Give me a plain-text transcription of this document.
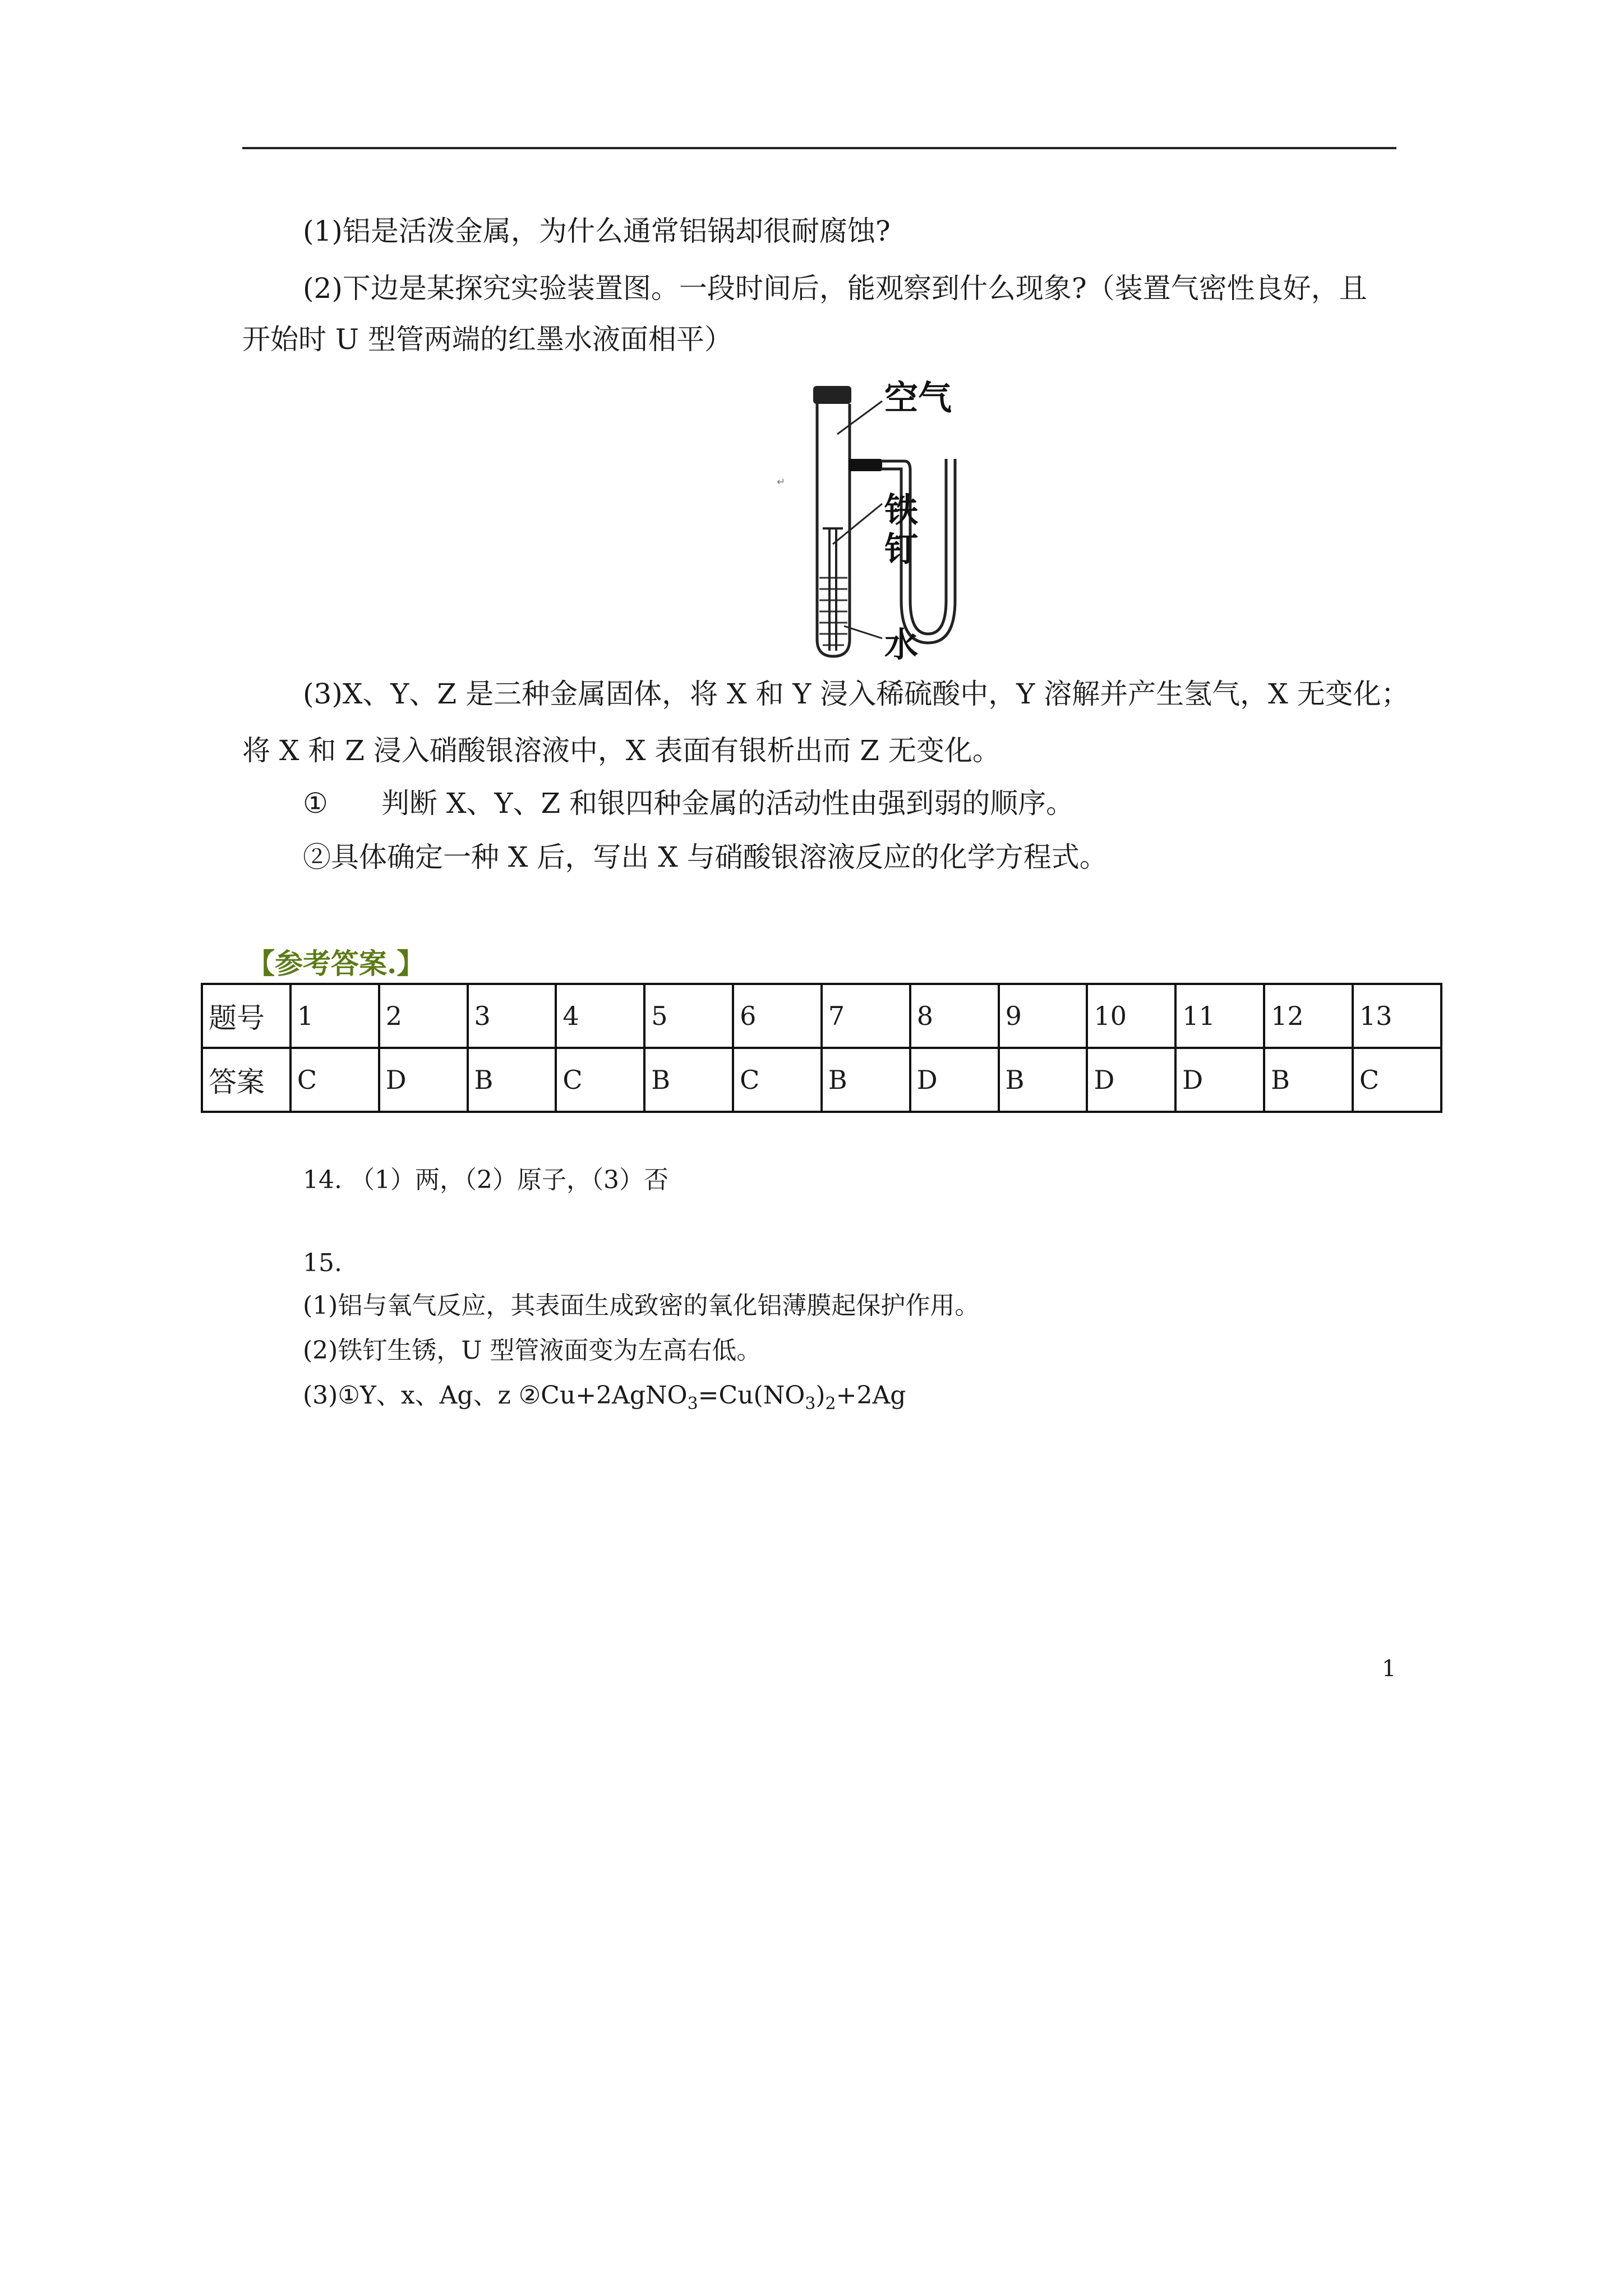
(1)铝是活泼金属，为什么通常铝锅却很耐腐蚀?
(2)下边是某探究实验装置图。一段时间后，能观察到什么现象?（装置气密性良好，且
开始时 U 型管两端的红墨水液面相平）
↵
空气
铁
钉
水
(3)X、Y、Z 是三种金属固体，将 X 和 Y 浸入稀硫酸中，Y 溶解并产生氢气，X 无变化；
将 X 和 Z 浸入硝酸银溶液中，X 表面有银析出而 Z 无变化。
① 判断 X、Y、Z 和银四种金属的活动性由强到弱的顺序。
②具体确定一种 X 后，写出 X 与硝酸银溶液反应的化学方程式。
【参考答案.】
题号	1	2	3	4	5	6	7	8	9	10	11	12	13
答案	C	D	B	C	B	C	B	D	B	D	D	B	C
14. （1）两，（2）原子，（3）否
15.
(1)铝与氧气反应，其表面生成致密的氧化铝薄膜起保护作用。
(2)铁钉生锈，U 型管液面变为左高右低。
(3)①Y、x、Ag、z $②Cu+2AgNO_3=Cu(NO_3)_2+2Ag$
1
